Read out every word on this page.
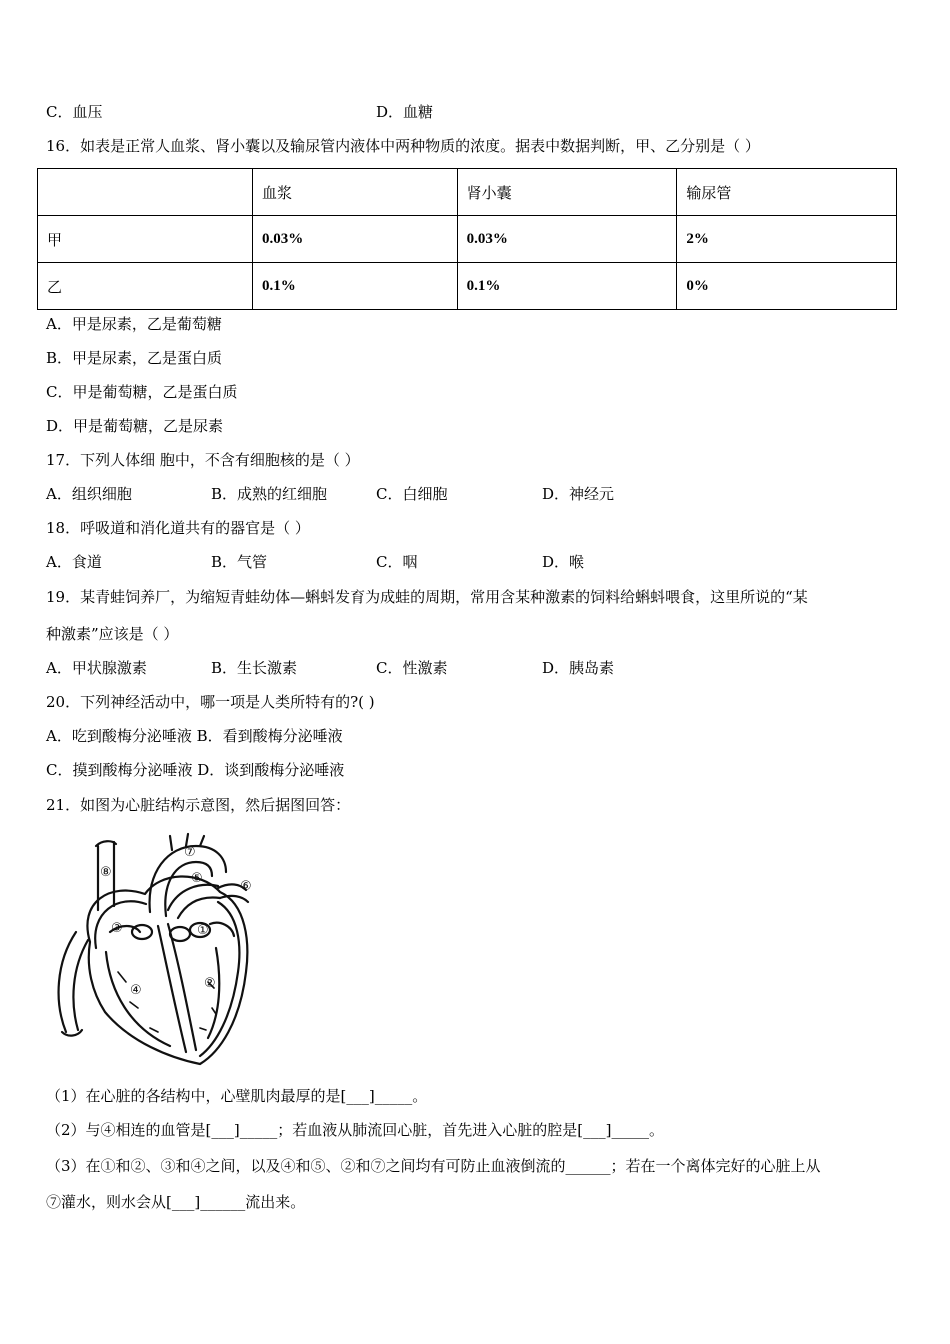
C．血压	D．血糖
16．如表是正常人血浆、肾小囊以及输尿管内液体中两种物质的浓度。据表中数据判断，甲、乙分别是（ ）
	血浆	肾小囊	输尿管
甲	0.03%	0.03%	2%
乙	0.1%	0.1%	0%
A．甲是尿素，乙是葡萄糖
B．甲是尿素，乙是蛋白质
C．甲是葡萄糖，乙是蛋白质
D．甲是葡萄糖，乙是尿素
17．下列人体细 胞中，不含有细胞核的是（ ）
A．组织细胞	B．成熟的红细胞	C．白细胞	D．神经元
18．呼吸道和消化道共有的器官是（ ）
A．食道	B．气管	C．咽	D．喉
19．某青蛙饲养厂，为缩短青蛙幼体—蝌蚪发育为成蛙的周期，常用含某种激素的饲料给蝌蚪喂食，这里所说的“某
种激素”应该是（ ）
A．甲状腺激素	B．生长激素	C．性激素	D．胰岛素
20．下列神经活动中，哪一项是人类所特有的?( )
A．吃到酸梅分泌唾液 B．看到酸梅分泌唾液
C．摸到酸梅分泌唾液 D．谈到酸梅分泌唾液
21．如图为心脏结构示意图，然后据图回答：
①
②
③
④
⑤
⑥
⑦
⑧
（1）在心脏的各结构中，心壁肌肉最厚的是[___]_____。
（2）与④相连的血管是[___]_____；若血液从肺流回心脏，首先进入心脏的腔是[___]_____。
（3）在①和②、③和④之间，以及④和⑤、②和⑦之间均有可防止血液倒流的______；若在一个离体完好的心脏上从
⑦灌水，则水会从[___]______流出来。
